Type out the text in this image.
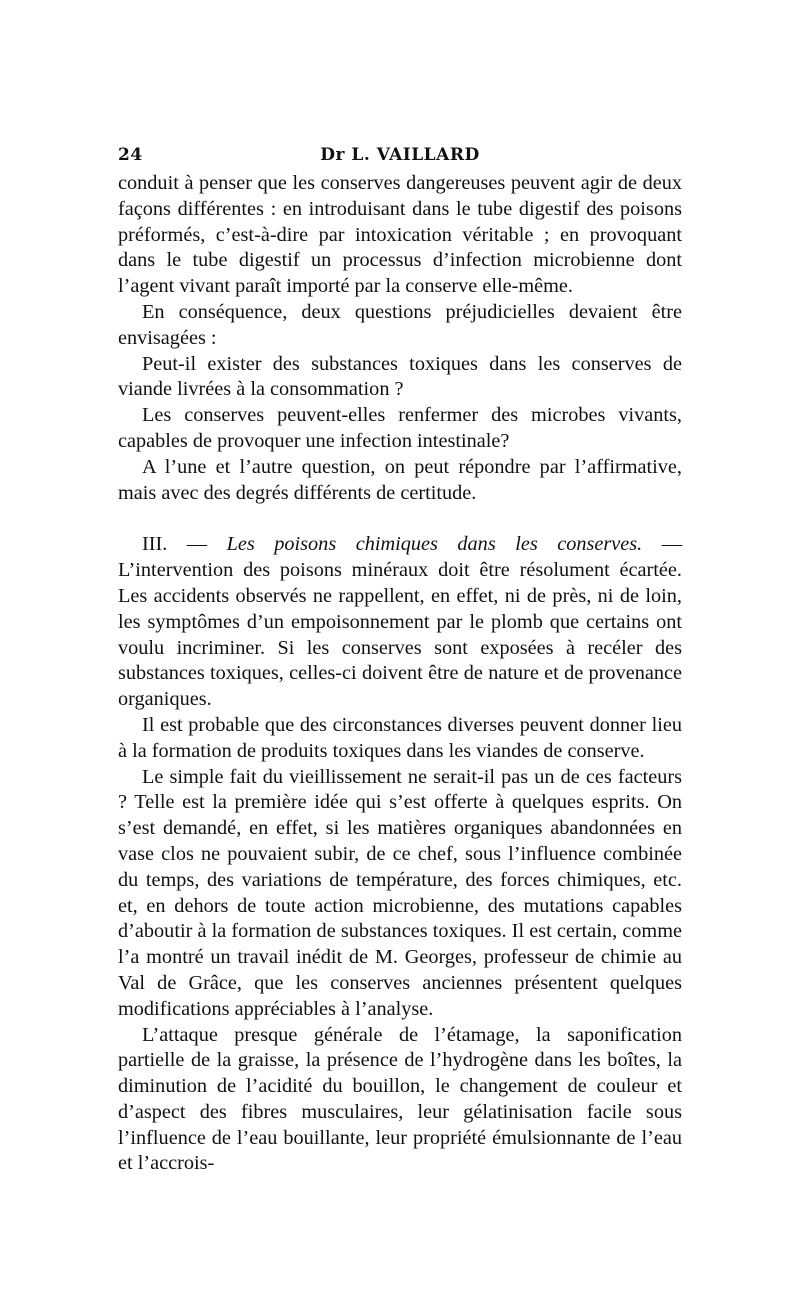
24	Dr L. VAILLARD

conduit à penser que les conserves dangereuses peuvent agir de deux façons différentes : en introduisant dans le tube digestif des poisons préformés, c’est-à-dire par intoxication véritable ; en provoquant dans le tube digestif un processus d’infection microbienne dont l’agent vivant paraît importé par la conserve elle-même.

En conséquence, deux questions préjudicielles devaient être envisagées :

Peut-il exister des substances toxiques dans les conserves de viande livrées à la consommation ?

Les conserves peuvent-elles renfermer des microbes vivants, capables de provoquer une infection intestinale?

A l’une et l’autre question, on peut répondre par l’affirmative, mais avec des degrés différents de certitude.

III. — Les poisons chimiques dans les conserves. — L’intervention des poisons minéraux doit être résolument écartée. Les accidents observés ne rappellent, en effet, ni de près, ni de loin, les symptômes d’un empoisonnement par le plomb que certains ont voulu incriminer. Si les conserves sont exposées à recéler des substances toxiques, celles-ci doivent être de nature et de provenance organiques.

Il est probable que des circonstances diverses peuvent donner lieu à la formation de produits toxiques dans les viandes de conserve.

Le simple fait du vieillissement ne serait-il pas un de ces facteurs ? Telle est la première idée qui s’est offerte à quelques esprits. On s’est demandé, en effet, si les matières organiques abandonnées en vase clos ne pouvaient subir, de ce chef, sous l’influence combinée du temps, des variations de température, des forces chimiques, etc. et, en dehors de toute action microbienne, des mutations capables d’aboutir à la formation de substances toxiques. Il est certain, comme l’a montré un travail inédit de M. Georges, professeur de chimie au Val de Grâce, que les conserves anciennes présentent quelques modifications appréciables à l’analyse.

L’attaque presque générale de l’étamage, la saponification partielle de la graisse, la présence de l’hydrogène dans les boîtes, la diminution de l’acidité du bouillon, le changement de couleur et d’aspect des fibres musculaires, leur gélatinisation facile sous l’influence de l’eau bouillante, leur propriété émulsionnante de l’eau et l’accrois-
